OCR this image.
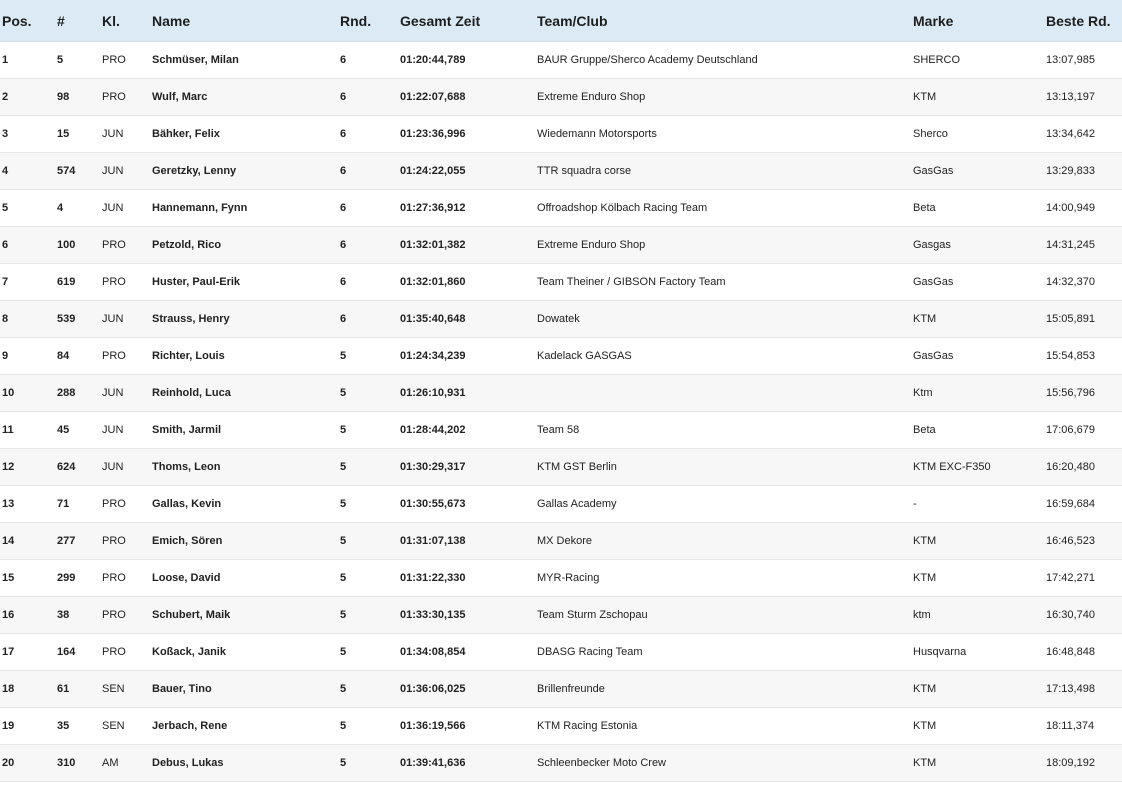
Pos.	#	Kl.	Name	Rnd.	Gesamt Zeit	Team/Club	Marke	Beste Rd.
1	5	PRO	Schmüser, Milan	6	01:20:44,789	BAUR Gruppe/Sherco Academy Deutschland	SHERCO	13:07,985
2	98	PRO	Wulf, Marc	6	01:22:07,688	Extreme Enduro Shop	KTM	13:13,197
3	15	JUN	Bähker, Felix	6	01:23:36,996	Wiedemann Motorsports	Sherco	13:34,642
4	574	JUN	Geretzky, Lenny	6	01:24:22,055	TTR squadra corse	GasGas	13:29,833
5	4	JUN	Hannemann, Fynn	6	01:27:36,912	Offroadshop Kölbach Racing Team	Beta	14:00,949
6	100	PRO	Petzold, Rico	6	01:32:01,382	Extreme Enduro Shop	Gasgas	14:31,245
7	619	PRO	Huster, Paul-Erik	6	01:32:01,860	Team Theiner / GIBSON Factory Team	GasGas	14:32,370
8	539	JUN	Strauss, Henry	6	01:35:40,648	Dowatek	KTM	15:05,891
9	84	PRO	Richter, Louis	5	01:24:34,239	Kadelack GASGAS	GasGas	15:54,853
10	288	JUN	Reinhold, Luca	5	01:26:10,931		Ktm	15:56,796
11	45	JUN	Smith, Jarmil	5	01:28:44,202	Team 58	Beta	17:06,679
12	624	JUN	Thoms, Leon	5	01:30:29,317	KTM GST Berlin	KTM EXC-F350	16:20,480
13	71	PRO	Gallas, Kevin	5	01:30:55,673	Gallas Academy	-	16:59,684
14	277	PRO	Emich, Sören	5	01:31:07,138	MX Dekore	KTM	16:46,523
15	299	PRO	Loose, David	5	01:31:22,330	MYR-Racing	KTM	17:42,271
16	38	PRO	Schubert, Maik	5	01:33:30,135	Team Sturm Zschopau	ktm	16:30,740
17	164	PRO	Koßack, Janik	5	01:34:08,854	DBASG Racing Team	Husqvarna	16:48,848
18	61	SEN	Bauer, Tino	5	01:36:06,025	Brillenfreunde	KTM	17:13,498
19	35	SEN	Jerbach, Rene	5	01:36:19,566	KTM Racing Estonia	KTM	18:11,374
20	310	AM	Debus, Lukas	5	01:39:41,636	Schleenbecker Moto Crew	KTM	18:09,192
